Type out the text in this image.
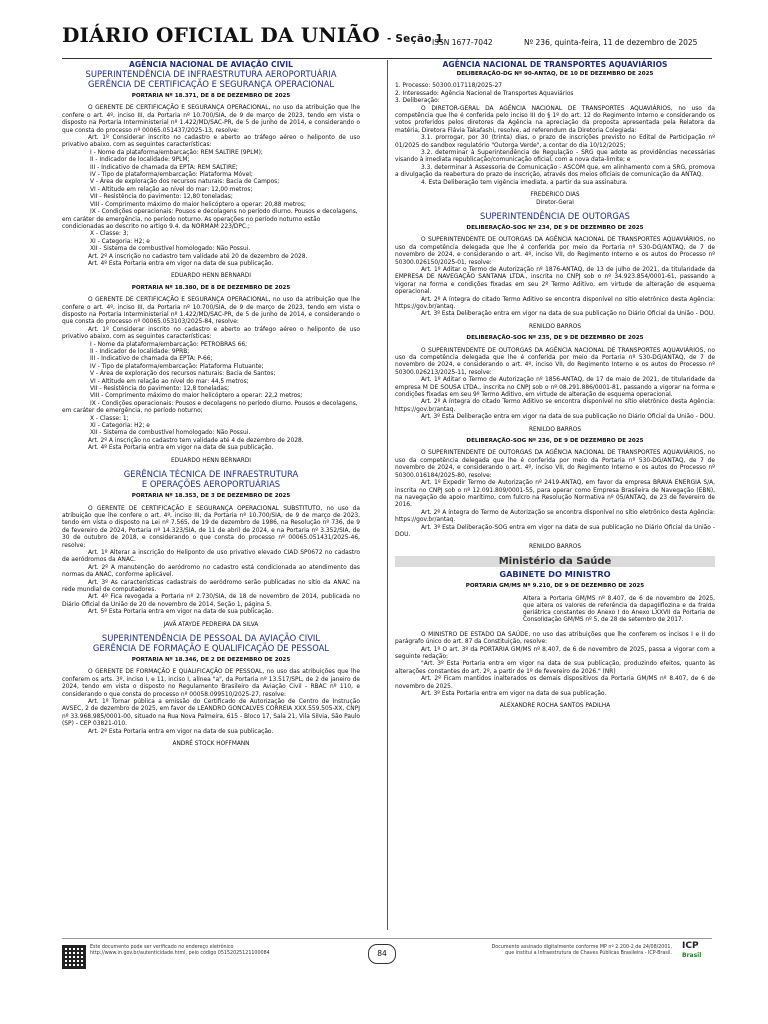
DIÁRIO OFICIAL DA UNIÃO - Seção 1
ISSN 1677-7042	Nº 236, quinta-feira, 11 de dezembro de 2025
AGÊNCIA NACIONAL DE AVIAÇÃO CIVIL
SUPERINTENDÊNCIA DE INFRAESTRUTURA AEROPORTUÁRIA
GERÊNCIA DE CERTIFICAÇÃO E SEGURANÇA OPERACIONAL
PORTARIA Nº 18.371, DE 8 DE DEZEMBRO DE 2025
O GERENTE DE CERTIFICAÇÃO E SEGURANÇA OPERACIONAL, no uso da atribuição que lhe confere o art. 4º, inciso III, da Portaria nº 10.700/SIA, de 9 de março de 2023, tendo em vista o disposto na Portaria Interministerial nº 1.422/MD/SAC-PR, de 5 de junho de 2014, e considerando o que consta do processo nº 00065.051437/2025-13, resolve:
Art. 1º Considerar inscrito no cadastro e aberto ao tráfego aéreo o heliponto de uso privativo abaixo, com as seguintes características:
I - Nome da plataforma/embarcação: REM SALTIRE (9PLM);
II - Indicador de localidade: 9PLM;
III - Indicativo de chamada da EPTA: REM SALTIRE;
IV - Tipo de plataforma/embarcação: Plataforma Móvel;
V - Área de exploração dos recursos naturais: Bacia de Campos;
VI - Altitude em relação ao nível do mar: 12,00 metros;
VII - Resistência do pavimento: 12,80 toneladas;
VIII - Comprimento máximo do maior helicóptero a operar: 20,88 metros;
IX - Condições operacionais: Pousos e decolagens no período diurno. Pousos e decolagens, em caráter de emergência, no período noturno. As operações no período noturno estão condicionadas ao descrito no artigo 9.4. da NORMAM 223/DPC.;
X - Classe: 3;
XI - Categoria: H2; e
XII - Sistema de combustível homologado: Não Possui.
Art. 2º A inscrição no cadastro tem validade até 20 de dezembro de 2028.
Art. 4º Esta Portaria entra em vigor na data de sua publicação.
EDUARDO HENN BERNARDI
PORTARIA Nº 18.380, DE 8 DE DEZEMBRO DE 2025
O GERENTE DE CERTIFICAÇÃO E SEGURANÇA OPERACIONAL, no uso da atribuição que lhe confere o art. 4º, inciso III, da Portaria nº 10.700/SIA, de 9 de março de 2023, tendo em vista o disposto na Portaria Interministerial nº 1.422/MD/SAC-PR, de 5 de junho de 2014, e considerando o que consta do processo nº 00065.053103/2025-84, resolve:
Art. 1º Considerar inscrito no cadastro e aberto ao tráfego aéreo o heliponto de uso privativo abaixo, com as seguintes características:
I - Nome da plataforma/embarcação: PETROBRAS 66;
II - Indicador de localidade: 9PRB;
III - Indicativo de chamada da EPTA: P-66;
IV - Tipo de plataforma/embarcação: Plataforma Flutuante;
V - Área de exploração dos recursos naturais: Bacia de Santos;
VI - Altitude em relação ao nível do mar: 44,5 metros;
VII - Resistência do pavimento: 12,8 toneladas;
VIII - Comprimento máximo do maior helicóptero a operar: 22,2 metros;
IX - Condições operacionais: Pousos e decolagens no período diurno. Pousos e decolagens, em caráter de emergência, no período noturno;
X - Classe: 1;
XI - Categoria: H2; e
XII - Sistema de combustível homologado: Não Possui.
Art. 2º A inscrição no cadastro tem validade até 4 de dezembro de 2028.
Art. 4º Esta Portaria entra em vigor na data de sua publicação.
EDUARDO HENN BERNARDI
GERÊNCIA TÉCNICA DE INFRAESTRUTURA
E OPERAÇÕES AEROPORTUÁRIAS
PORTARIA Nº 18.353, DE 3 DE DEZEMBRO DE 2025
O GERENTE DE CERTIFICAÇÃO E SEGURANÇA OPERACIONAL SUBSTITUTO, no uso da atribuição que lhe confere o art. 4º, inciso III, da Portaria nº 10.700/SIA, de 9 de março de 2023, tendo em vista o disposto na Lei nº 7.565, de 19 de dezembro de 1986, na Resolução nº 736, de 9 de fevereiro de 2024, Portaria nº 14.323/SIA, de 11 de abril de 2024, e na Portaria nº 3.352/SIA, de 30 de outubro de 2018, e considerando o que consta do processo nº 00065.051431/2025-46, resolve:
Art. 1º Alterar a inscrição do Heliponto de uso privativo elevado CIAD SP0672 no cadastro de aeródromos da ANAC.
Art. 2º A manutenção do aeródromo no cadastro está condicionada ao atendimento das normas da ANAC, conforme aplicável.
Art. 3º As características cadastrais do aeródromo serão publicadas no sítio da ANAC na rede mundial de computadores.
Art. 4º Fica revogada a Portaria nº 2.730/SIA, de 18 de novembro de 2014, publicada no Diário Oficial da União de 20 de novembro de 2014, Seção 1, página 5.
Art. 5º Esta Portaria entra em vigor na data de sua publicação.
JAVÃ ATAYDE PEDREIRA DA SILVA
SUPERINTENDÊNCIA DE PESSOAL DA AVIAÇÃO CIVIL
GERÊNCIA DE FORMAÇÃO E QUALIFICAÇÃO DE PESSOAL
PORTARIA Nº 18.346, DE 2 DE DEZEMBRO DE 2025
O GERENTE DE FORMAÇÃO E QUALIFICAÇÃO DE PESSOAL, no uso das atribuições que lhe conferem os arts. 3º, inciso I, e 11, inciso I, alínea "a", da Portaria nº 13.517/SPL, de 2 de janeiro de 2024, tendo em vista o disposto no Regulamento Brasileiro da Aviação Civil - RBAC nº 110, e considerando o que consta do processo nº 00058.099510/2025-27, resolve:
Art. 1º Tornar pública a emissão do Certificado de Autorização de Centro de Instrução AVSEC, 2 de dezembro de 2025, em favor de LEANDRO GONCALVES CORREIA XXX.559.505-XX, CNPJ nº 33.968.985/0001-00, situado na Rua Nova Palmeira, 615 - Bloco 17, Sala 21, Vila Silvia, São Paulo (SP) - CEP 03821-010.
Art. 2º Esta Portaria entra em vigor na data de sua publicação.
ANDRÉ STOCK HOFFMANN
AGÊNCIA NACIONAL DE TRANSPORTES AQUAVIÁRIOS
DELIBERAÇÃO-DG Nº 90-ANTAQ, DE 10 DE DEZEMBRO DE 2025
1. Processo: 50300.017118/2025-27
2. Interessado: Agência Nacional de Transportes Aquaviários
3. Deliberação:
O DIRETOR-GERAL DA AGÊNCIA NACIONAL DE TRANSPORTES AQUAVIÁRIOS, no uso da competência que lhe é conferida pelo inciso III do § 1º do art. 12 do Regimento Interno e considerando os votos proferidos pelos diretores da Agência na apreciação da proposta apresentada pela Relatora da matéria, Diretora Flávia Takafashi, resolve, ad referendum da Diretoria Colegiada:
3.1. prorrogar, por 30 (trinta) dias, o prazo de inscrições previsto no Edital de Participação nº 01/2025 do sandbox regulatório "Outorga Verde", a contar do dia 10/12/2025;
3.2. determinar à Superintendência de Regulação - SRG que adote as providências necessárias visando à imediata republicação/comunicação oficial, com a nova data-limite; e
3.3. determinar à Assessoria de Comunicação - ASCOM que, em alinhamento com a SRG, promova a divulgação da reabertura do prazo de inscrição, através dos meios oficiais de comunicação da ANTAQ.
4. Esta Deliberação tem vigência imediata, a partir da sua assinatura.
FREDERICO DIAS
Diretor-Geral
SUPERINTENDÊNCIA DE OUTORGAS
DELIBERAÇÃO-SOG Nº 234, DE 9 DE DEZEMBRO DE 2025
O SUPERINTENDENTE DE OUTORGAS DA AGÊNCIA NACIONAL DE TRANSPORTES AQUAVIÁRIOS, no uso da competência delegada que lhe é conferida por meio da Portaria nº 530-DG/ANTAQ, de 7 de novembro de 2024, e considerando o art. 4º, inciso VII, do Regimento Interno e os autos do Processo nº 50300.026150/2025-01, resolve:
Art. 1º Aditar o Termo de Autorização nº 1876-ANTAQ, de 13 de julho de 2021, da titularidade da EMPRESA DE NAVEGAÇÃO SANTANA LTDA., inscrita no CNPJ sob o nº 34.923.854/0001-61, passando a vigorar na forma e condições fixadas em seu 2º Termo Aditivo, em virtude de alteração de esquema operacional.
Art. 2º A íntegra do citado Termo Aditivo se encontra disponível no sítio eletrônico desta Agência: https://gov.br/antaq.
Art. 3º Esta Deliberação entra em vigor na data de sua publicação no Diário Oficial da União - DOU.
RENILDO BARROS
DELIBERAÇÃO-SOG Nº 235, DE 9 DE DEZEMBRO DE 2025
O SUPERINTENDENTE DE OUTORGAS DA AGÊNCIA NACIONAL DE TRANSPORTES AQUAVIÁRIOS, no uso da competência delegada que lhe é conferida por meio da Portaria nº 530-DG/ANTAQ, de 7 de novembro de 2024, e considerando o art. 4º, inciso VII, do Regimento Interno e os autos do Processo nº 50300.026213/2025-11, resolve:
Art. 1º Aditar o Termo de Autorização nº 1856-ANTAQ, de 17 de maio de 2021, de titularidade da empresa M DE SOUSA LTDA., inscrita no CNPJ sob o nº 08.291.886/0001-81, passando a vigorar na forma e condições fixadas em seu 9º Termo Aditivo, em virtude de alteração de esquema operacional.
Art. 2º A íntegra do citado Termo Aditivo se encontra disponível no sítio eletrônico desta Agência: https://gov.br/antaq.
Art. 3º Esta Deliberação entra em vigor na data de sua publicação no Diário Oficial da União - DOU.
RENILDO BARROS
DELIBERAÇÃO-SOG Nº 236, DE 9 DE DEZEMBRO DE 2025
O SUPERINTENDENTE DE OUTORGAS DA AGÊNCIA NACIONAL DE TRANSPORTES AQUAVIÁRIOS, no uso da competência delegada que lhe é conferida por meio da Portaria nº 530-DG/ANTAQ, de 7 de novembro de 2024, e considerando o art. 4º, inciso VII, do Regimento Interno e os autos do Processo nº 50300.016184/2025-80, resolve:
Art. 1º Expedir Termo de Autorização nº 2419-ANTAQ, em favor da empresa BRAVA ENERGIA S/A, inscrita no CNPJ sob o nº 12.091.809/0001-55, para operar como Empresa Brasileira de Navegação (EBN), na navegação de apoio marítimo, com fulcro na Resolução Normativa nº 05/ANTAQ, de 23 de fevereiro de 2016.
Art. 2º A íntegra do Termo de Autorização se encontra disponível no sítio eletrônico desta Agência: https://gov.br/antaq.
Art. 3º Esta Deliberação-SOG entra em vigor na data de sua publicação no Diário Oficial da União - DOU.
RENILDO BARROS
Ministério da Saúde
GABINETE DO MINISTRO
PORTARIA GM/MS Nº 9.210, DE 9 DE DEZEMBRO DE 2025
Altera a Portaria GM/MS nº 8.407, de 6 de novembro de 2025, que altera os valores de referência da dapagliflozina e da fralda geriátrica constantes do Anexo I do Anexo LXXVII da Portaria de Consolidação GM/MS nº 5, de 28 de setembro de 2017.
O MINISTRO DE ESTADO DA SAÚDE, no uso das atribuições que lhe conferem os incisos I e II do parágrafo único do art. 87 da Constituição, resolve:
Art. 1º O art. 3º da PORTARIA GM/MS nº 8.407, de 6 de novembro de 2025, passa a vigorar com a seguinte redação:
"Art. 3º Esta Portaria entra em vigor na data de sua publicação, produzindo efeitos, quanto às alterações constantes do art. 2º, a partir de 1º de fevereiro de 2026." (NR)
Art. 2º Ficam mantidos inalterados os demais dispositivos da Portaria GM/MS nº 8.407, de 6 de novembro de 2025.
Art. 3º Esta Portaria entra em vigor na data de sua publicação.
ALEXANDRE ROCHA SANTOS PADILHA
Este documento pode ser verificado no endereço eletrônico
http://www.in.gov.br/autenticidade.html, pelo código 05152025121100084	84
Documento assinado digitalmente conforme MP nº 2.200-2 de 24/08/2001,
que institui a Infraestrutura de Chaves Públicas Brasileira - ICP-Brasil.
ICP
Brasil
